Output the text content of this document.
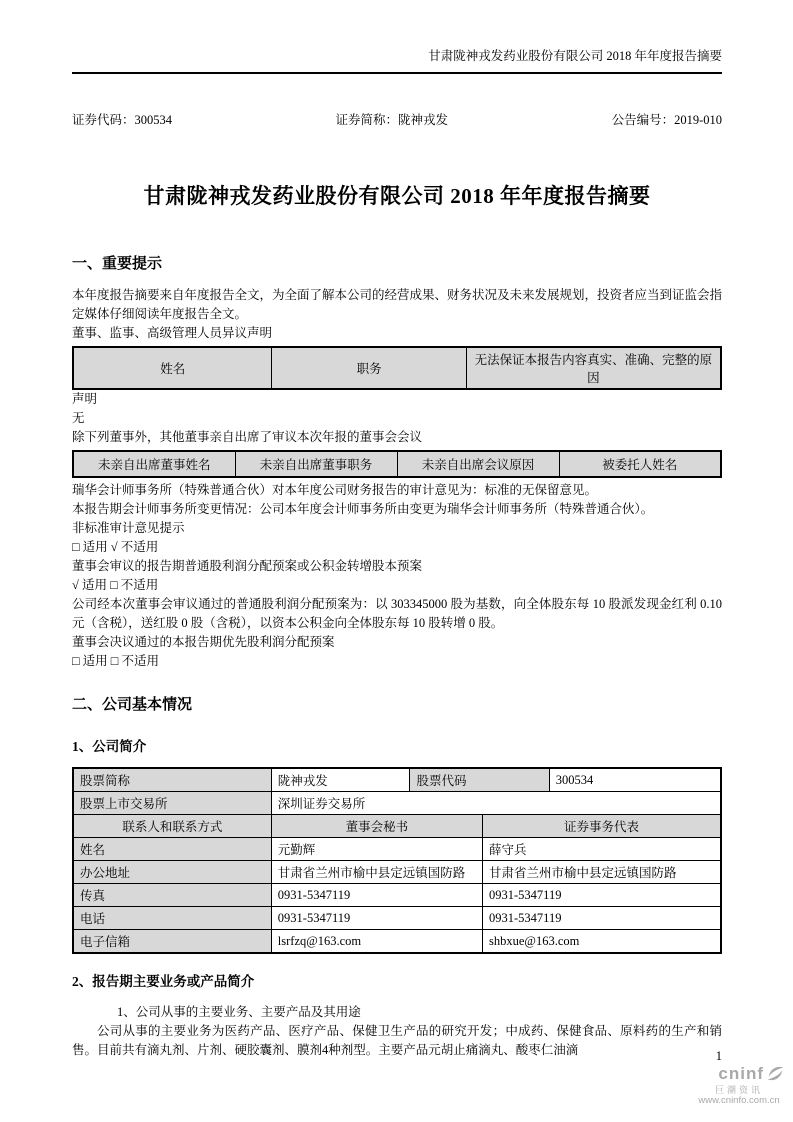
甘肃陇神戎发药业股份有限公司 2018 年年度报告摘要
证券代码：300534	证券简称：陇神戎发	公告编号：2019-010
甘肃陇神戎发药业股份有限公司 2018 年年度报告摘要
一、重要提示

本年度报告摘要来自年度报告全文，为全面了解本公司的经营成果、财务状况及未来发展规划，投资者应当到证监会指定媒体仔细阅读年度报告全文。

董事、监事、高级管理人员异议声明
姓名	职务	无法保证本报告内容真实、准确、完整的原因
声明
无
除下列董事外，其他董事亲自出席了审议本次年报的董事会会议
未亲自出席董事姓名	未亲自出席董事职务	未亲自出席会议原因	被委托人姓名
瑞华会计师事务所（特殊普通合伙）对本年度公司财务报告的审计意见为：标准的无保留意见。
本报告期会计师事务所变更情况：公司本年度会计师事务所由变更为瑞华会计师事务所（特殊普通合伙）。
非标准审计意见提示
□ 适用 √ 不适用
董事会审议的报告期普通股利润分配预案或公积金转增股本预案
√ 适用 □ 不适用

公司经本次董事会审议通过的普通股利润分配预案为：以 303345000 股为基数，向全体股东每 10 股派发现金红利 0.10 元（含税），送红股 0 股（含税），以资本公积金向全体股东每 10 股转增 0 股。

董事会决议通过的本报告期优先股利润分配预案
□ 适用 □ 不适用
二、公司基本情况
1、公司简介
股票简称	陇神戎发	股票代码		300534
股票上市交易所	深圳证券交易所			
联系人和联系方式	董事会秘书		证券事务代表	
姓名	元勤辉		薛守兵	
办公地址	甘肃省兰州市榆中县定远镇国防路		甘肃省兰州市榆中县定远镇国防路	
传真	0931-5347119		0931-5347119	
电话	0931-5347119		0931-5347119	
电子信箱	lsrfzq@163.com		shbxue@163.com	
2、报告期主要业务或产品简介
1、公司从事的主要业务、主要产品及其用途

公司从事的主要业务为医药产品、医疗产品、保健卫生产品的研究开发；中成药、保健食品、原料药的生产和销售。目前共有滴丸剂、片剂、硬胶囊剂、膜剂4种剂型。主要产品元胡止痛滴丸、酸枣仁油滴	1
cninf
巨潮资讯
www.cninfo.com.cn
